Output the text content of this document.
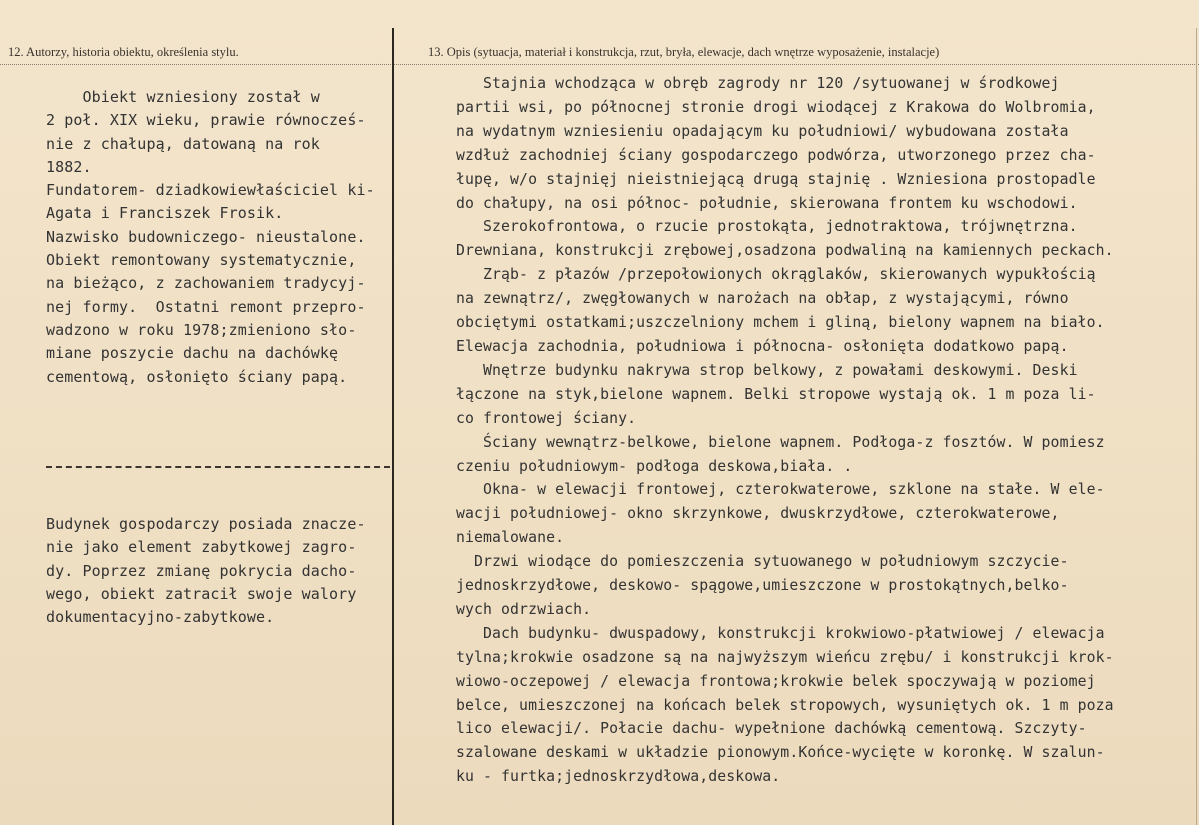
12. Autorzy, historia obiektu, określenia stylu.	13. Opis (sytuacja, materiał i konstrukcja, rzut, bryła, elewacje, dach wnętrze wyposażenie, instalacje)
Obiekt wzniesiony został w
2 poł. XIX wieku, prawie równocześ-
nie z chałupą, datowaną na rok
1882.
Fundatorem- dziadkowiewłaściciel ki-
Agata i Franciszek Frosik.
Nazwisko budowniczego- nieustalone.
Obiekt remontowany systematycznie,
na bieżąco, z zachowaniem tradycyj-
nej formy.  Ostatni remont przepro-
wadzono w roku 1978;zmieniono sło-
miane poszycie dachu na dachówkę
cementową, osłonięto ściany papą.
Budynek gospodarczy posiada znacze-
nie jako element zabytkowej zagro-
dy. Poprzez zmianę pokrycia dacho-
wego, obiekt zatracił swoje walory
dokumentacyjno-zabytkowe.
Stajnia wchodząca w obręb zagrody nr 120 /sytuowanej w środkowej
partii wsi, po północnej stronie drogi wiodącej z Krakowa do Wolbromia,
na wydatnym wzniesieniu opadającym ku południowi/ wybudowana została
wzdłuż zachodniej ściany gospodarczego podwórza, utworzonego przez cha-
łupę, w/o stajnięj nieistniejącą drugą stajnię . Wzniesiona prostopadle
do chałupy, na osi północ- południe, skierowana frontem ku wschodowi.
Szerokofrontowa, o rzucie prostokąta, jednotraktowa, trójwnętrzna.
Drewniana, konstrukcji zrębowej,osadzona podwaliną na kamiennych peckach.
Zrąb- z płazów /przepołowionych okrąglaków, skierowanych wypukłością
na zewnątrz/, zwęgłowanych w narożach na obłap, z wystającymi, równo
obciętymi ostatkami;uszczelniony mchem i gliną, bielony wapnem na biało.
Elewacja zachodnia, południowa i północna- osłonięta dodatkowo papą.
Wnętrze budynku nakrywa strop belkowy, z powałami deskowymi. Deski
łączone na styk,bielone wapnem. Belki stropowe wystają ok. 1 m poza li-
co frontowej ściany.
Ściany wewnątrz-belkowe, bielone wapnem. Podłoga-z fosztów. W pomiesz
czeniu południowym- podłoga deskowa,biała. .
Okna- w elewacji frontowej, czterokwaterowe, szklone na stałe. W ele-
wacji południowej- okno skrzynkowe, dwuskrzydłowe, czterokwaterowe,
niemalowane.
Drzwi wiodące do pomieszczenia sytuowanego w południowym szczycie-
jednoskrzydłowe, deskowo- spągowe,umieszczone w prostokątnych,belko-
wych odrzwiach.
Dach budynku- dwuspadowy, konstrukcji krokwiowo-płatwiowej / elewacja
tylna;krokwie osadzone są na najwyższym wieńcu zrębu/ i konstrukcji krok-
wiowo-oczepowej / elewacja frontowa;krokwie belek spoczywają w poziomej
belce, umieszczonej na końcach belek stropowych, wysuniętych ok. 1 m poza
lico elewacji/. Połacie dachu- wypełnione dachówką cementową. Szczyty-
szalowane deskami w układzie pionowym.Końce-wycięte w koronkę. W szalun-
ku - furtka;jednoskrzydłowa,deskowa.
